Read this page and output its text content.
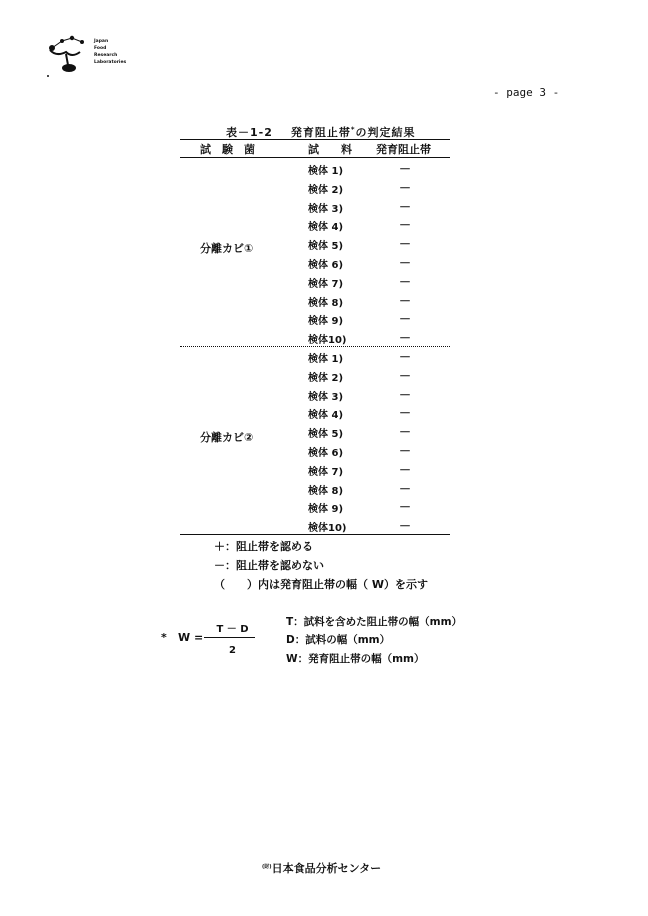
Japan
Food
Research
Laboratories
- page 3 -
表－1-2 発育阻止帯*の判定結果
試　験　菌	試　　料 発育阻止帯
分離カビ①
検体 1)	－
検体 2)	－
検体 3)	－
検体 4)	－
検体 5)	－
検体 6)	－
検体 7)	－
検体 8)	－
検体 9)	－
検体10)	－
分離カビ②
検体 1)	－
検体 2)	－
検体 3)	－
検体 4)	－
検体 5)	－
検体 6)	－
検体 7)	－
検体 8)	－
検体 9)	－
検体10)	－
＋：阻止帯を認める
－：阻止帯を認めない
（　　）内は発育阻止帯の幅（ W）を示す
* W =
T － D
2
T：試料を含めた阻止帯の幅（mm）
D：試料の幅（mm）
W：発育阻止帯の幅（mm）
$^{(財)}$日本食品分析センター
